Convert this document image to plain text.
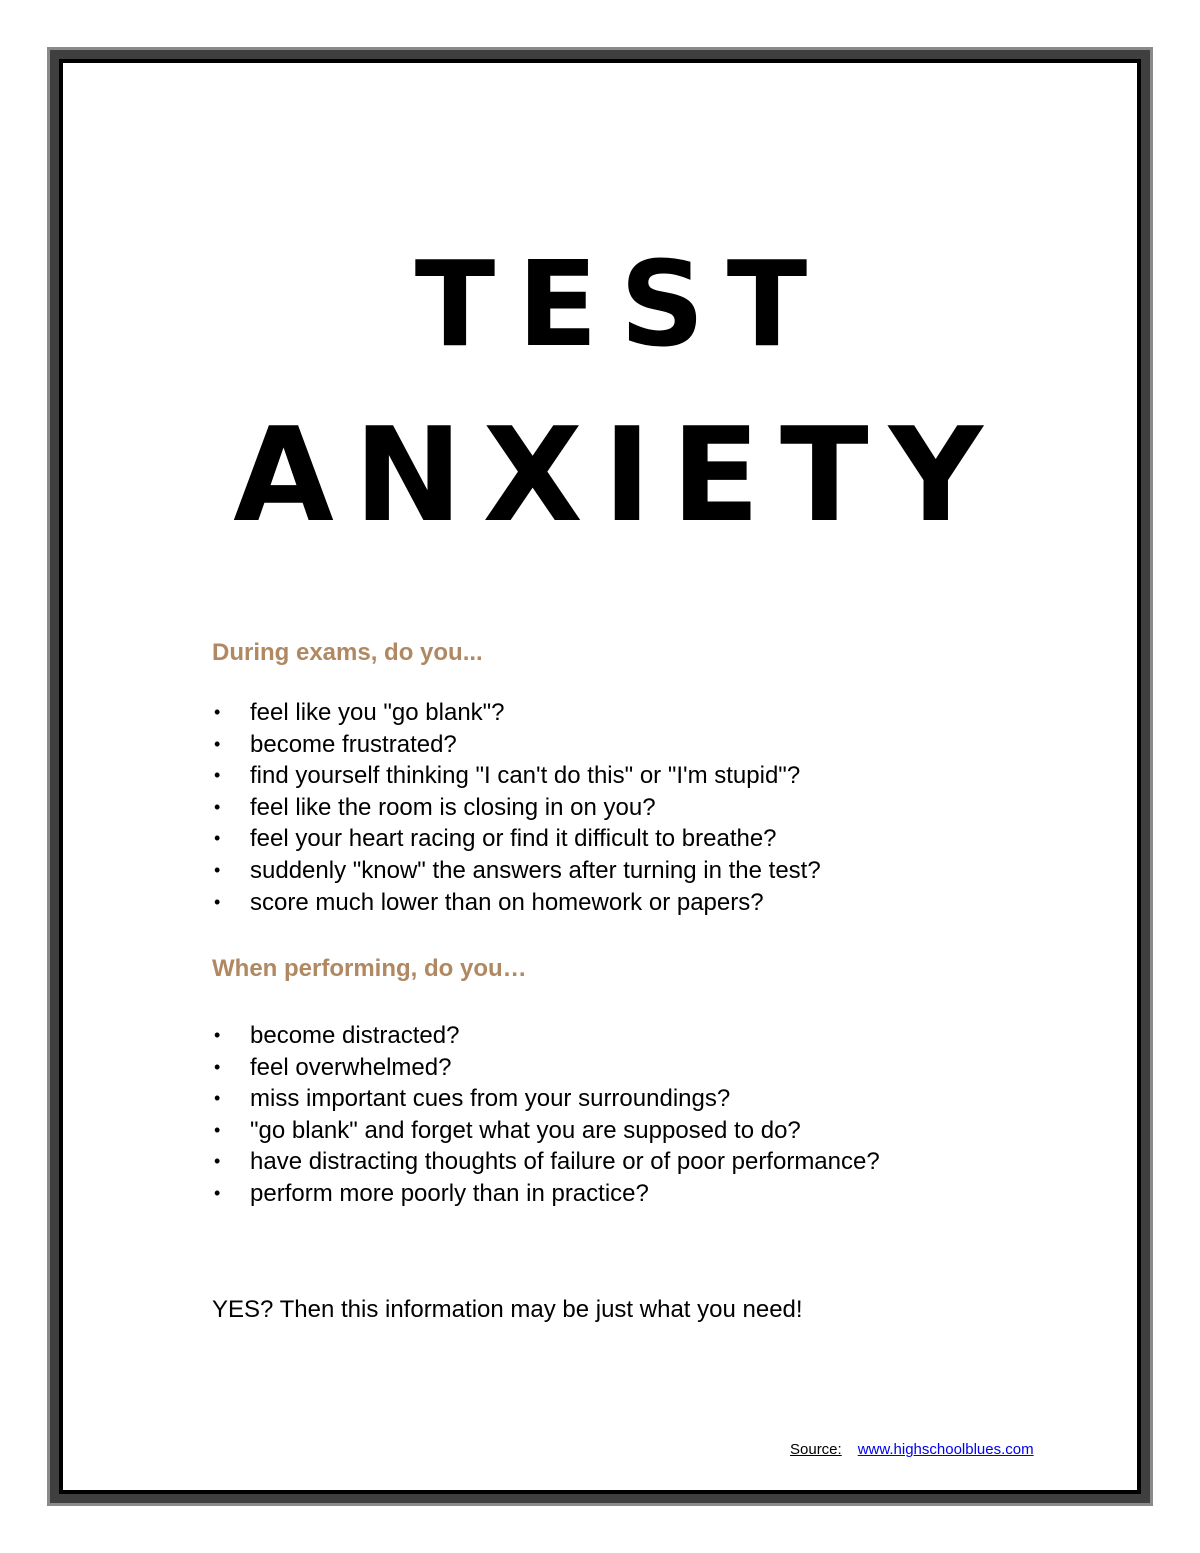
TEST
ANXIETY
During exams, do you...
• feel like you "go blank"?
• become frustrated?
• find yourself thinking "I can't do this" or "I'm stupid"?
• feel like the room is closing in on you?
• feel your heart racing or find it difficult to breathe?
• suddenly "know" the answers after turning in the test?
• score much lower than on homework or papers?
When performing, do you…
• become distracted?
• feel overwhelmed?
• miss important cues from your surroundings?
• "go blank" and forget what you are supposed to do?
• have distracting thoughts of failure or of poor performance?
• perform more poorly than in practice?

YES? Then this information may be just what you need!

Source: www.highschoolblues.com
